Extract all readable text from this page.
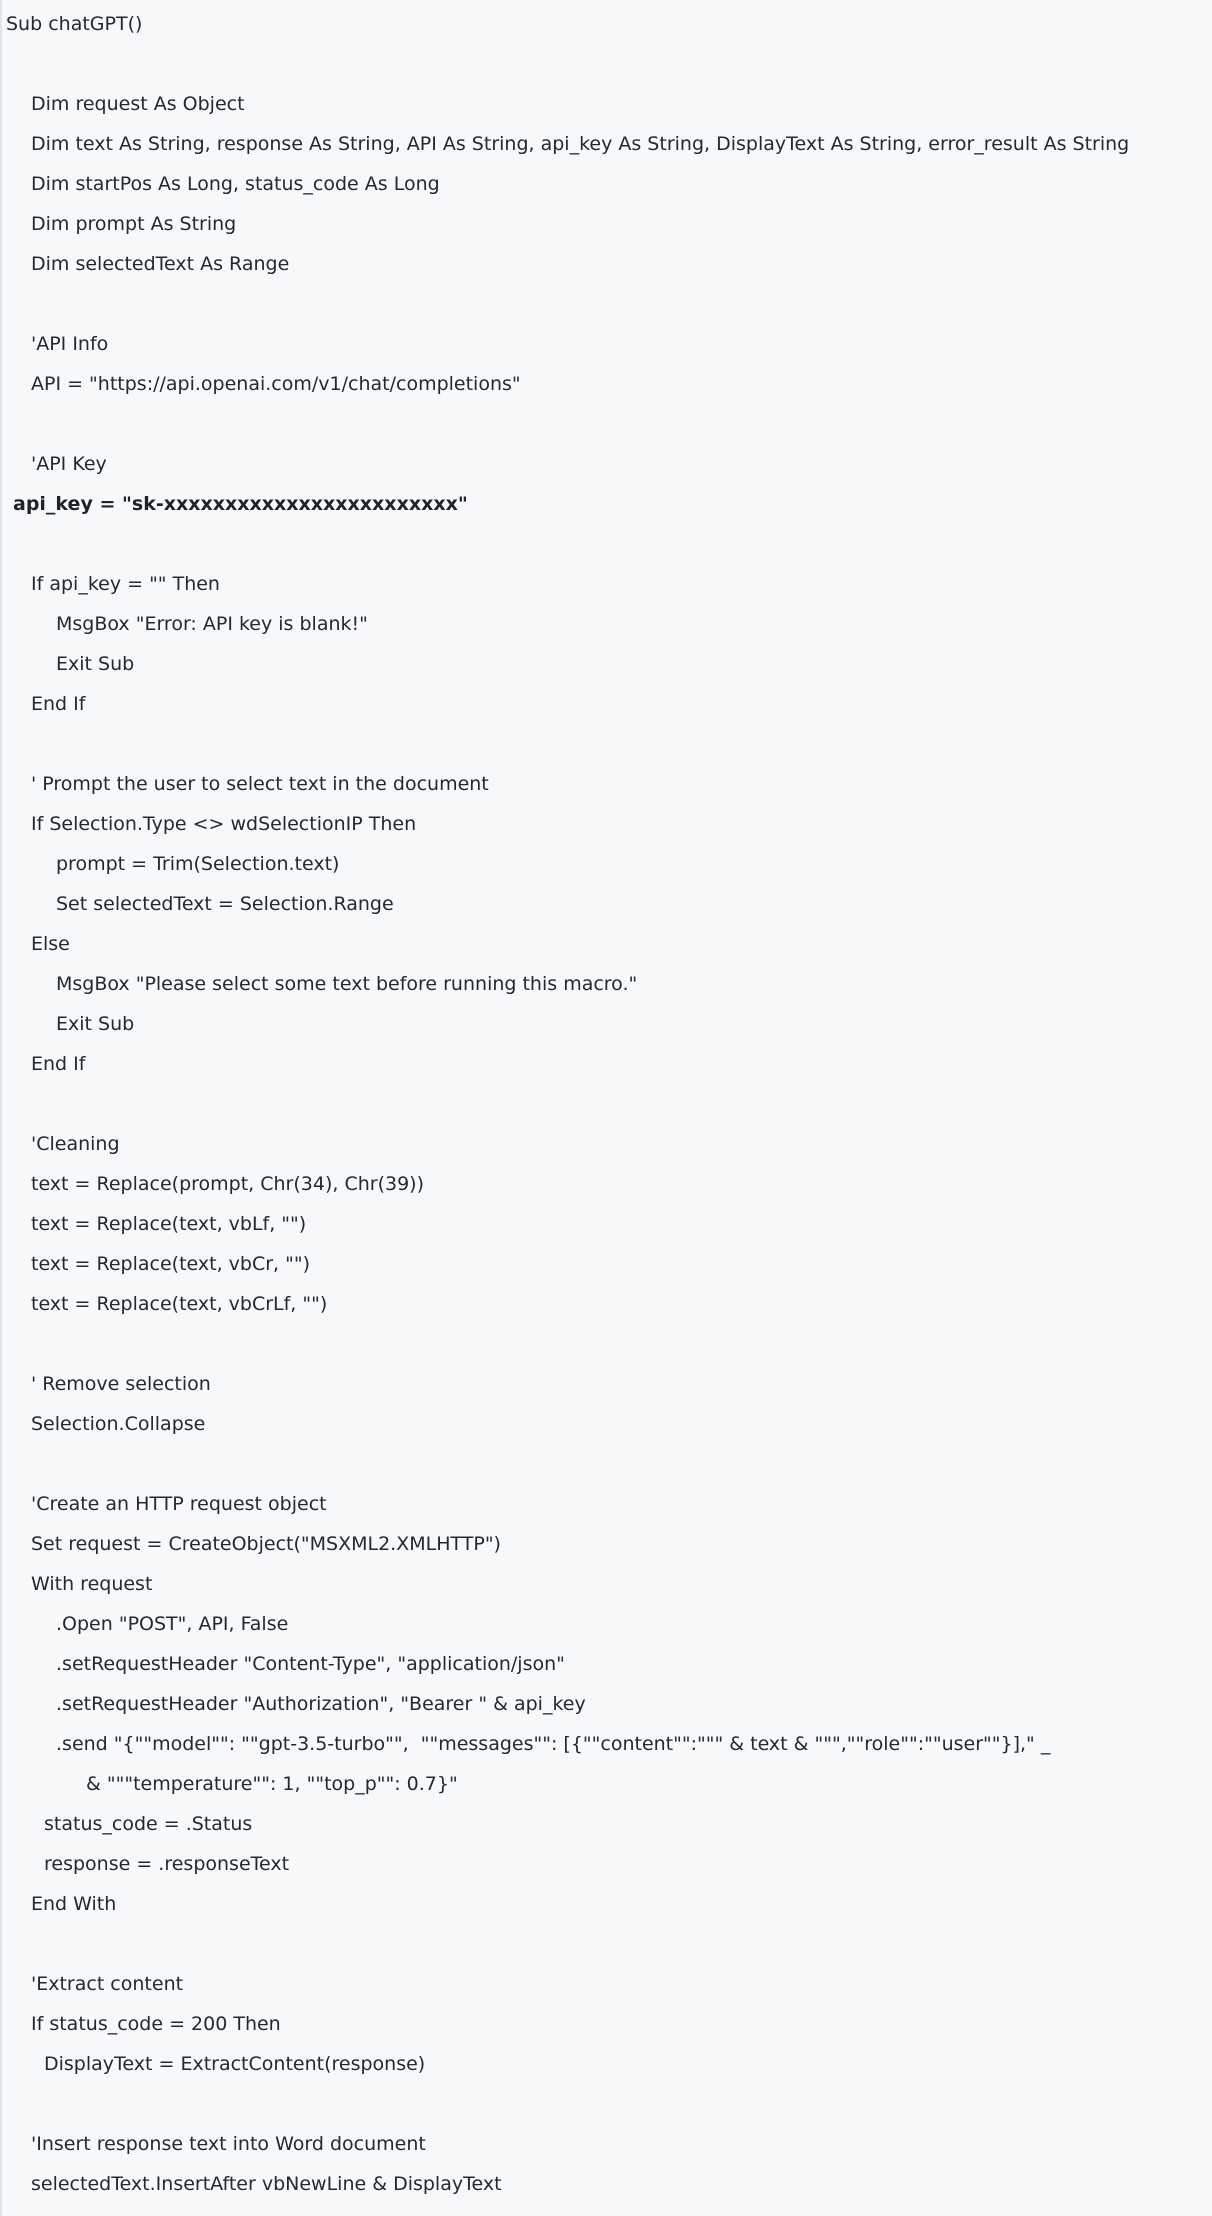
Sub chatGPT()
Dim request As Object
Dim text As String, response As String, API As String, api_key As String, DisplayText As String, error_result As String
Dim startPos As Long, status_code As Long
Dim prompt As String
Dim selectedText As Range
'API Info
API = "https://api.openai.com/v1/chat/completions"
'API Key
api_key = "sk-xxxxxxxxxxxxxxxxxxxxxxxx"
If api_key = "" Then
MsgBox "Error: API key is blank!"
Exit Sub
End If
' Prompt the user to select text in the document
If Selection.Type <> wdSelectionIP Then
prompt = Trim(Selection.text)
Set selectedText = Selection.Range
Else
MsgBox "Please select some text before running this macro."
Exit Sub
End If
'Cleaning
text = Replace(prompt, Chr(34), Chr(39))
text = Replace(text, vbLf, "")
text = Replace(text, vbCr, "")
text = Replace(text, vbCrLf, "")
' Remove selection
Selection.Collapse
'Create an HTTP request object
Set request = CreateObject("MSXML2.XMLHTTP")
With request
.Open "POST", API, False
.setRequestHeader "Content-Type", "application/json"
.setRequestHeader "Authorization", "Bearer " & api_key
.send "{""model"": ""gpt-3.5-turbo"",  ""messages"": [{""content"":""" & text & """,""role"":""user""}]," _
& """temperature"": 1, ""top_p"": 0.7}"
status_code = .Status
response = .responseText
End With
'Extract content
If status_code = 200 Then
DisplayText = ExtractContent(response)
'Insert response text into Word document
selectedText.InsertAfter vbNewLine & DisplayText
